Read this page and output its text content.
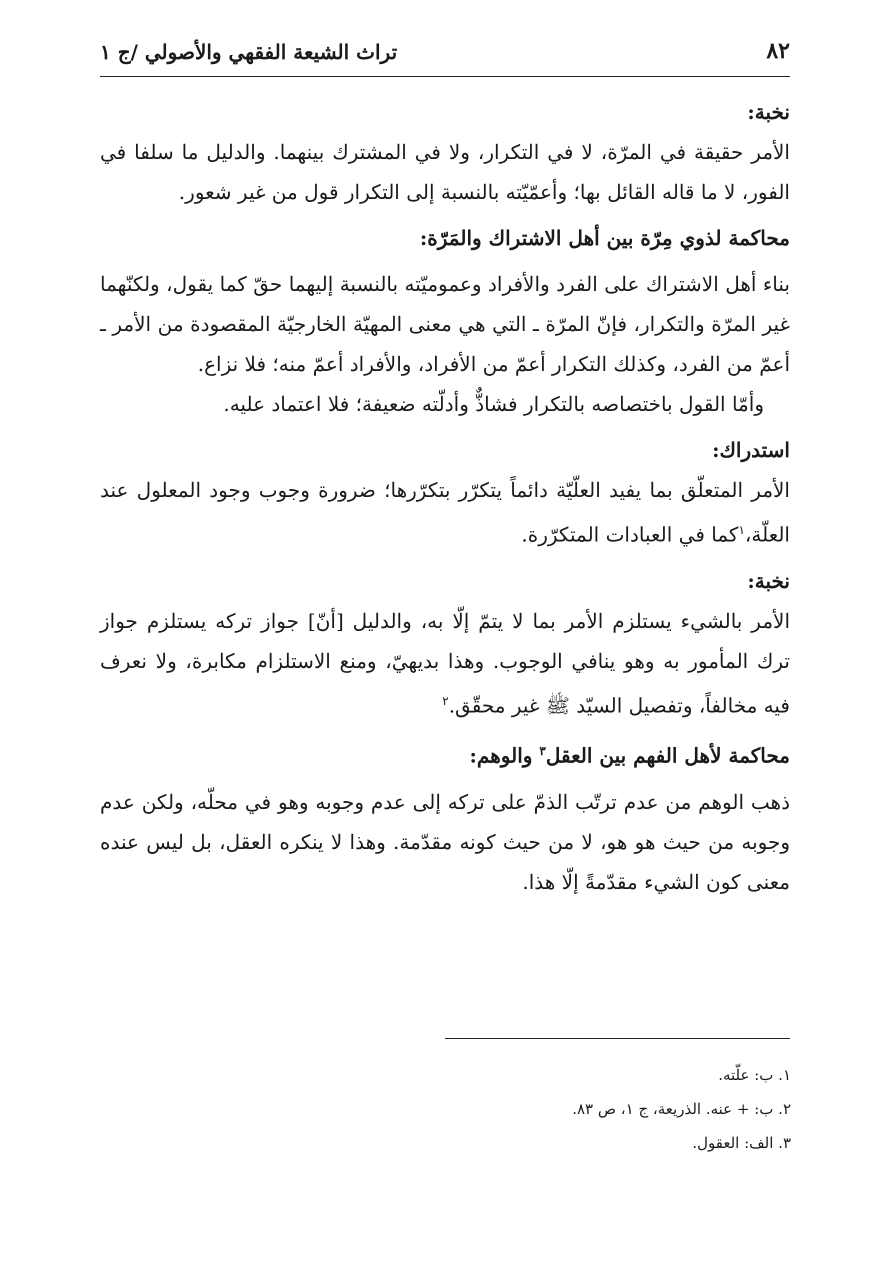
٨٢
تراث الشيعة الفقهي والأصولي /ج ١
نخبة:

الأمر حقيقة في المرّة، لا في التكرار، ولا في المشترك بينهما. والدليل ما سلفا في الفور، لا ما قاله القائل بها؛ وأعمّيّته بالنسبة إلى التكرار قول من غير شعور.

محاكمة لذوي مِرّة بين أهل الاشتراك والمَرّة:

بناء أهل الاشتراك على الفرد والأفراد وعموميّته بالنسبة إليهما حقّ كما يقول، ولكنّهما غير المرّة والتكرار، فإنّ المرّة ـ التي هي معنى المهيّة الخارجيّة المقصودة من الأمر ـ أعمّ من الفرد، وكذلك التكرار أعمّ من الأفراد، والأفراد أعمّ منه؛ فلا نزاع.

وأمّا القول باختصاصه بالتكرار فشاذٌّ وأدلّته ضعيفة؛ فلا اعتماد عليه.

استدراك:

الأمر المتعلّق بما يفيد العلّيّة دائماً يتكرّر بتكرّرها؛ ضرورة وجوب وجود المعلول عند العلّة،$^١$كما في العبادات المتكرّرة.

نخبة:

الأمر بالشيء يستلزم الأمر بما لا يتمّ إلّا به، والدليل [أنّ] جواز تركه يستلزم جواز ترك المأمور به وهو ينافي الوجوب. وهذا بديهيّ، ومنع الاستلزام مكابرة، ولا نعرف فيه مخالفاً، وتفصيل السيّد ﷺ غير محقّق.$^٢$

محاكمة لأهل الفهم بين العقل$^٣$ والوهم:

ذهب الوهم من عدم ترتّب الذمّ على تركه إلى عدم وجوبه وهو في محلّه، ولكن عدم وجوبه من حيث هو هو، لا من حيث كونه مقدّمة. وهذا لا ينكره العقل، بل ليس عنده معنى كون الشيء مقدّمةً إلّا هذا.

١. ب: علّته.
٢. ب: + عنه. الذريعة، ج ١، ص ٨٣.
٣. الف: العقول.
